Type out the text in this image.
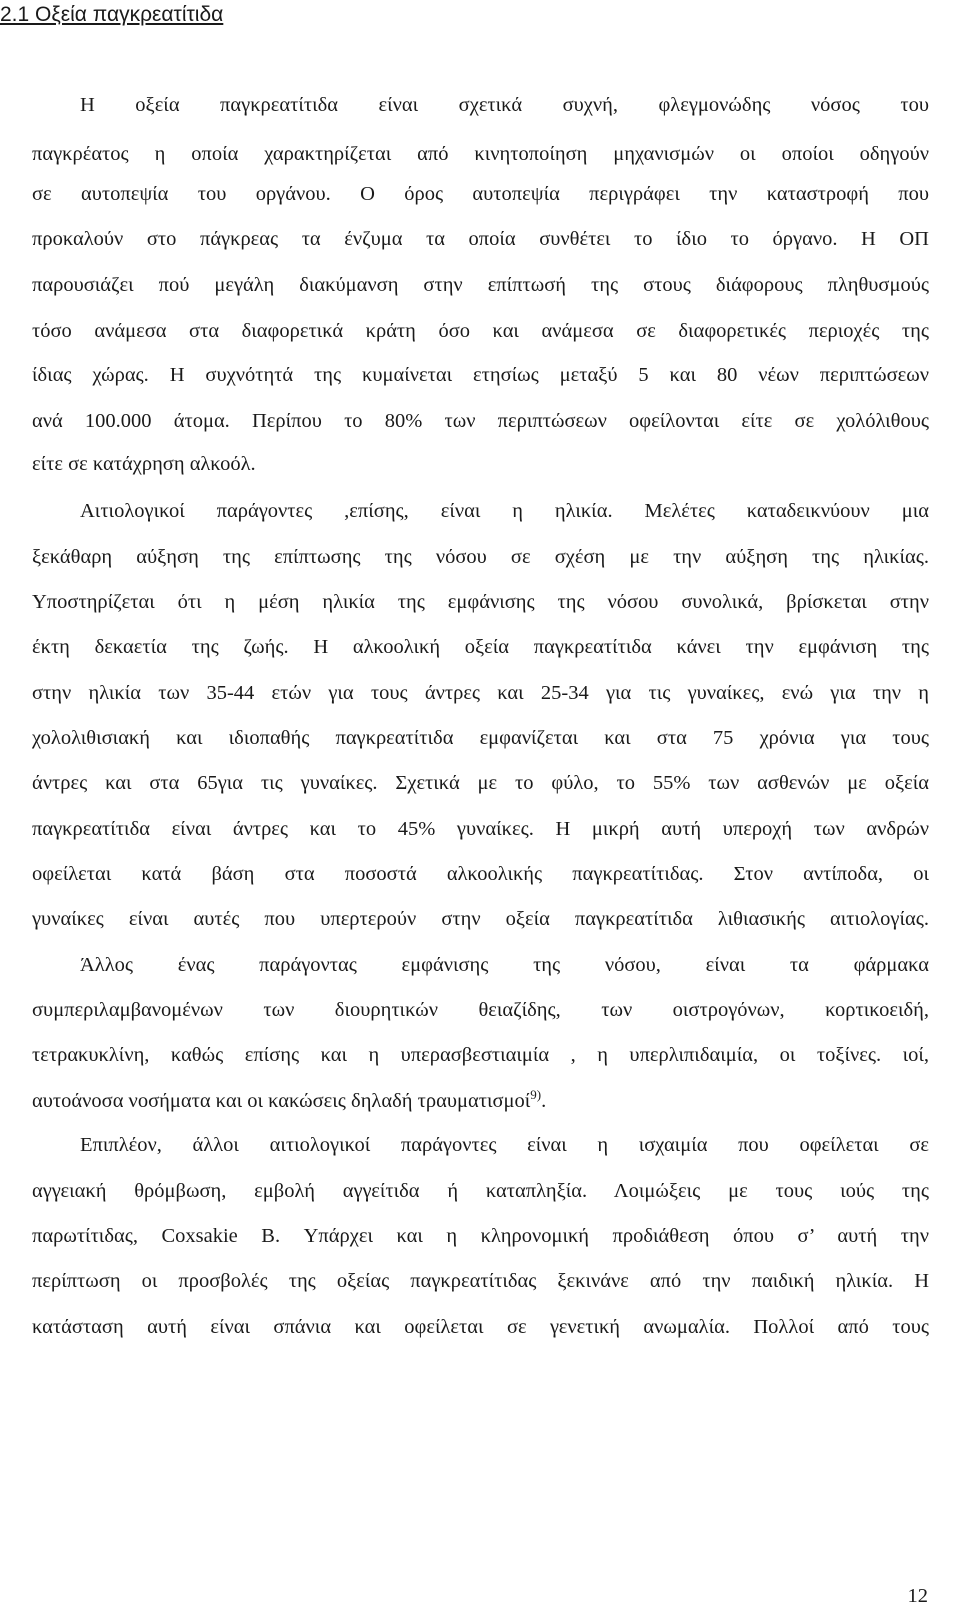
2.1 Οξεία παγκρεατίτιδα
Η οξεία παγκρεατίτιδα είναι σχετικά συχνή, φλεγμονώδης νόσος του
παγκρέατος η οποία χαρακτηρίζεται από κινητοποίηση μηχανισμών οι οποίοι οδηγούν
σε αυτοπεψία του οργάνου. Ο όρος αυτοπεψία περιγράφει την καταστροφή που
προκαλούν στο πάγκρεας τα ένζυμα τα οποία συνθέτει το ίδιο το όργανο. Η ΟΠ
παρουσιάζει πού μεγάλη διακύμανση στην επίπτωσή της στους διάφορους πληθυσμούς
τόσο ανάμεσα στα διαφορετικά κράτη όσο και ανάμεσα σε διαφορετικές περιοχές της
ίδιας χώρας. Η συχνότητά της κυμαίνεται ετησίως μεταξύ 5 και 80 νέων περιπτώσεων
ανά 100.000 άτομα. Περίπου το 80% των περιπτώσεων οφείλονται είτε σε χολόλιθους
είτε σε κατάχρηση αλκοόλ.
Αιτιολογικοί παράγοντες ,επίσης, είναι η ηλικία. Μελέτες καταδεικνύουν μια
ξεκάθαρη αύξηση της επίπτωσης της νόσου σε σχέση με την αύξηση της ηλικίας.
Υποστηρίζεται ότι η μέση ηλικία της εμφάνισης της νόσου συνολικά, βρίσκεται στην
έκτη δεκαετία της ζωής. Η αλκοολική οξεία παγκρεατίτιδα κάνει την εμφάνιση της
στην ηλικία των 35-44 ετών για τους άντρες και 25-34 για τις γυναίκες, ενώ για την η
χολολιθισιακή και ιδιοπαθής παγκρεατίτιδα εμφανίζεται και στα 75 χρόνια για τους
άντρες και στα 65για τις γυναίκες. Σχετικά με το φύλο, το 55% των ασθενών με οξεία
παγκρεατίτιδα είναι άντρες και το 45% γυναίκες. Η μικρή αυτή υπεροχή των ανδρών
οφείλεται κατά βάση στα ποσοστά αλκοολικής παγκρεατίτιδας. Στον αντίποδα, οι
γυναίκες είναι αυτές που υπερτερούν στην οξεία παγκρεατίτιδα λιθιασικής αιτιολογίας.
Άλλος ένας παράγοντας εμφάνισης της νόσου, είναι τα φάρμακα
συμπεριλαμβανομένων των διουρητικών θειαζίδης, των οιστρογόνων, κορτικοειδή,
τετρακυκλίνη, καθώς επίσης και η υπερασβεστιαιμία , η υπερλιπιδαιμία, οι τοξίνες. ιοί,
αυτοάνοσα νοσήματα και οι κακώσεις δηλαδή τραυματισμοί$^{9)}$.
Επιπλέον, άλλοι αιτιολογικοί παράγοντες είναι η ισχαιμία που οφείλεται σε
αγγειακή θρόμβωση, εμβολή αγγείτιδα ή καταπληξία. Λοιμώξεις με τους ιούς της
παρωτίτιδας, Coxsakie B. Υπάρχει και η κληρονομική προδιάθεση όπου σ’ αυτή την
περίπτωση οι προσβολές της οξείας παγκρεατίτιδας ξεκινάνε από την παιδική ηλικία. Η
κατάσταση αυτή είναι σπάνια και οφείλεται σε γενετική ανωμαλία. Πολλοί από τους
12
